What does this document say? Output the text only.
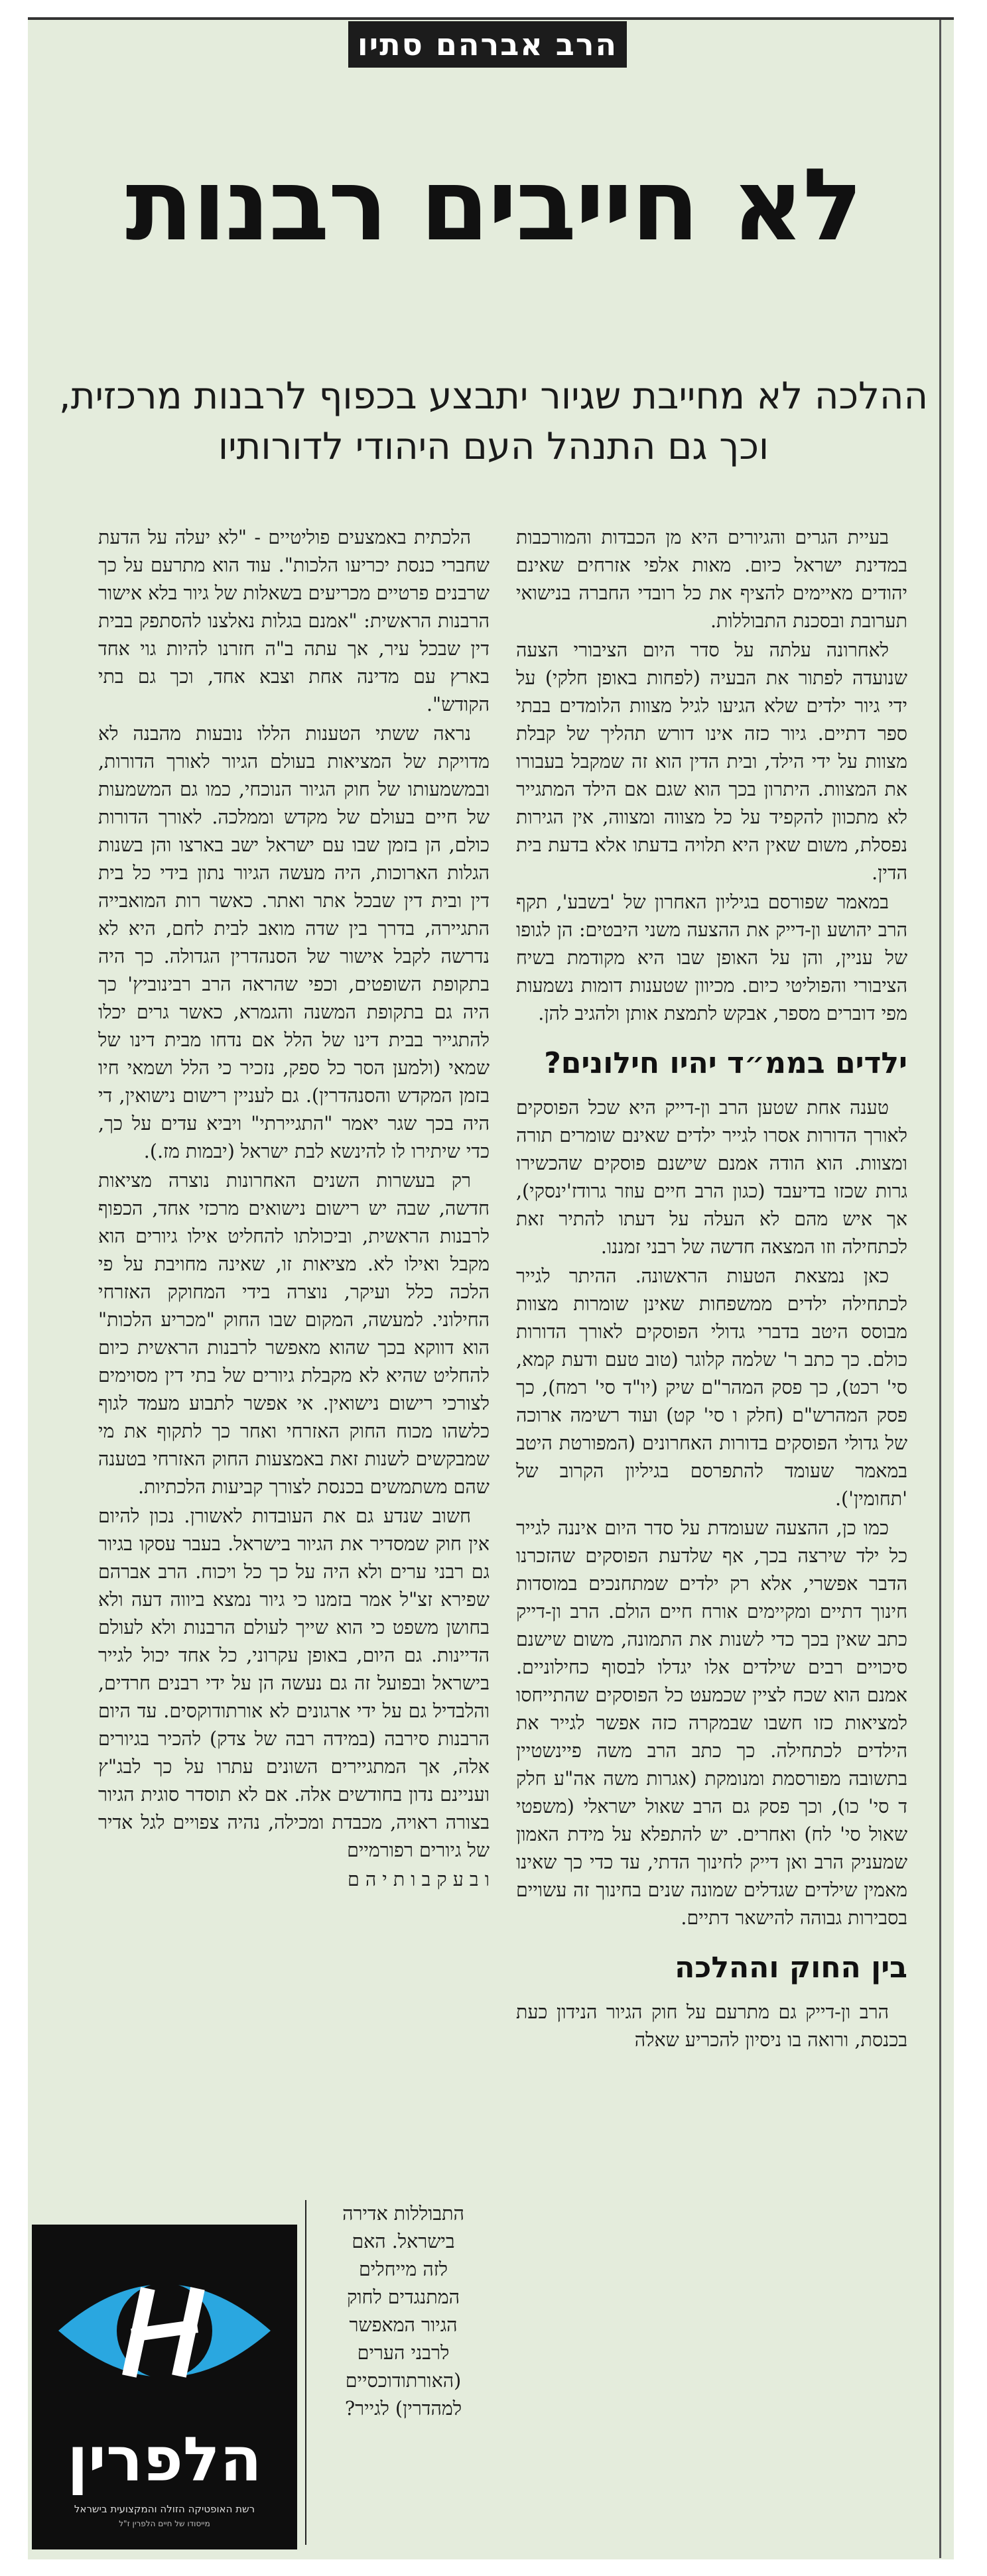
הרב אברהם סתיו
לא חייבים רבנות
ההלכה לא מחייבת שגיור יתבצע בכפוף לרבנות מרכזית,
וכך גם התנהל העם היהודי לדורותיו

בעיית הגרים והגיורים היא מן הכבדות והמורכבות במדינת ישראל כיום. מאות אלפי אזרחים שאינם יהודים מאיימים להציף את כל רובדי החברה בנישואי תערובת ובסכנת התבוללות.

לאחרונה עלתה על סדר היום הציבורי הצעה שנועדה לפתור את הבעיה (לפחות באופן חלקי) על ידי גיור ילדים שלא הגיעו לגיל מצוות הלומדים בבתי ספר דתיים. גיור כזה אינו דורש תהליך של קבלת מצוות על ידי הילד, ובית הדין הוא זה שמקבל בעבורו את המצוות. היתרון בכך הוא שגם אם הילד המתגייר לא מתכוון להקפיד על כל מצווה ומצווה, אין הגירות נפסלת, משום שאין היא תלויה בדעתו אלא בדעת בית הדין.

במאמר שפורסם בגיליון האחרון של 'בשבע', תקף הרב יהושע ון-דייק את ההצעה משני היבטים: הן לגופו של עניין, והן על האופן שבו היא מקודמת בשיח הציבורי והפוליטי כיום. מכיוון שטענות דומות נשמעות מפי דוברים מספר, אבקש לתמצת אותן ולהגיב להן.

ילדים בממ״ד יהיו חילונים?

טענה אחת שטען הרב ון-דייק היא שכל הפוסקים לאורך הדורות אסרו לגייר ילדים שאינם שומרים תורה ומצוות. הוא הודה אמנם שישנם פוסקים שהכשירו גרות שכזו בדיעבד (כגון הרב חיים עוזר גרודז'ינסקי), אך איש מהם לא העלה על דעתו להתיר זאת לכתחילה וזו המצאה חדשה של רבני זמננו.

כאן נמצאת הטעות הראשונה. ההיתר לגייר לכתחילה ילדים ממשפחות שאינן שומרות מצוות מבוסס היטב בדברי גדולי הפוסקים לאורך הדורות כולם. כך כתב ר' שלמה קלוגר (טוב טעם ודעת קמא, סי' רכט), כך פסק המהר"ם שיק (יו"ד סי' רמח), כך פסק המהרש"ם (חלק ו סי' קט) ועוד רשימה ארוכה של גדולי הפוסקים בדורות האחרונים (המפורטת היטב במאמר שעומד להתפרסם בגיליון הקרוב של 'תחומין').

כמו כן, ההצעה שעומדת על סדר היום איננה לגייר כל ילד שירצה בכך, אף שלדעת הפוסקים שהזכרנו הדבר אפשרי, אלא רק ילדים שמתחנכים במוסדות חינוך דתיים ומקיימים אורח חיים הולם. הרב ון-דייק כתב שאין בכך כדי לשנות את התמונה, משום שישנם סיכויים רבים שילדים אלו יגדלו לבסוף כחילוניים. אמנם הוא שכח לציין שכמעט כל הפוסקים שהתייחסו למציאות כזו חשבו שבמקרה כזה אפשר לגייר את הילדים לכתחילה. כך כתב הרב משה פיינשטיין בתשובה מפורסמת ומנומקת (אגרות משה אה"ע חלק ד סי' כו), וכך פסק גם הרב שאול ישראלי (משפטי שאול סי' לח) ואחרים. יש להתפלא על מידת האמון שמעניק הרב ואן דייק לחינוך הדתי, עד כדי כך שאינו מאמין שילדים שגדלים שמונה שנים בחינוך זה עשויים בסבירות גבוהה להישאר דתיים.

בין החוק וההלכה

הרב ון-דייק גם מתרעם על חוק הגיור הנידון כעת בכנסת, ורואה בו ניסיון להכריע שאלה

הלכתית באמצעים פוליטיים - "לא יעלה על הדעת שחברי כנסת יכריעו הלכות". עוד הוא מתרעם על כך שרבנים פרטיים מכריעים בשאלות של גיור בלא אישור הרבנות הראשית: "אמנם בגלות נאלצנו להסתפק בבית דין שבכל עיר, אך עתה ב"ה חזרנו להיות גוי אחד בארץ עם מדינה אחת וצבא אחד, וכך גם בתי הקודש".

נראה ששתי הטענות הללו נובעות מהבנה לא מדויקת של המציאות בעולם הגיור לאורך הדורות, ובמשמעותו של חוק הגיור הנוכחי, כמו גם המשמעות של חיים בעולם של מקדש וממלכה. לאורך הדורות כולם, הן בזמן שבו עם ישראל ישב בארצו והן בשנות הגלות הארוכות, היה מעשה הגיור נתון בידי כל בית דין ובית דין שבכל אתר ואתר. כאשר רות המואבייה התגיירה, בדרך בין שדה מואב לבית לחם, היא לא נדרשה לקבל אישור של הסנהדרין הגדולה. כך היה בתקופת השופטים, וכפי שהראה הרב רבינוביץ' כך היה גם בתקופת המשנה והגמרא, כאשר גרים יכלו להתגייר בבית דינו של הלל אם נדחו מבית דינו של שמאי (ולמען הסר כל ספק, נזכיר כי הלל ושמאי חיו בזמן המקדש והסנהדרין). גם לעניין רישום נישואין, די היה בכך שגר יאמר "התגיירתי" ויביא עדים על כך, כדי שיתירו לו להינשא לבת ישראל (יבמות מז.).

רק בעשרות השנים האחרונות נוצרה מציאות חדשה, שבה יש רישום נישואים מרכזי אחד, הכפוף לרבנות הראשית, וביכולתו להחליט אילו גיורים הוא מקבל ואילו לא. מציאות זו, שאינה מחויבת על פי הלכה כלל ועיקר, נוצרה בידי המחוקק האזרחי החילוני. למעשה, המקום שבו החוק "מכריע הלכות" הוא דווקא בכך שהוא מאפשר לרבנות הראשית כיום להחליט שהיא לא מקבלת גיורים של בתי דין מסוימים לצורכי רישום נישואין. אי אפשר לתבוע מעמד לגוף כלשהו מכוח החוק האזרחי ואחר כך לתקוף את מי שמבקשים לשנות זאת באמצעות החוק האזרחי בטענה שהם משתמשים בכנסת לצורך קביעות הלכתיות.

חשוב שנדע גם את העובדות לאשורן. נכון להיום אין חוק שמסדיר את הגיור בישראל. בעבר עסקו בגיור גם רבני ערים ולא היה על כך כל ויכוח. הרב אברהם שפירא זצ"ל אמר בזמנו כי גיור נמצא ביווה דעה ולא בחושן משפט כי הוא שייך לעולם הרבנות ולא לעולם הדיינות. גם היום, באופן עקרוני, כל אחד יכול לגייר בישראל ובפועל זה גם נעשה הן על ידי רבנים חרדים, והלבדיל גם על ידי ארגונים לא אורתודוקסים. עד היום הרבנות סירבה (במידה רבה של צדק) להכיר בגיורים אלה, אך המתגיירים השונים עתרו על כך לבג"ץ ועניינם נדון בחודשים אלה. אם לא תוסדר סוגית הגיור בצורה ראויה, מכבדת ומכילה, נהיה צפויים לגל אדיר של גיורים רפורמיים

ו ב ע ק ב ו ת י ה ם

התבוללות אדירה

בישראל. האם

לזה מייחלים

המתנגדים לחוק

הגיור המאפשר

לרבני הערים

(האורתודוכסיים

למהדרין) לגייר?

הלפרין
רשת האופטיקה הזולה והמקצועית בישראל
מייסודו של חיים הלפרין ז"ל
